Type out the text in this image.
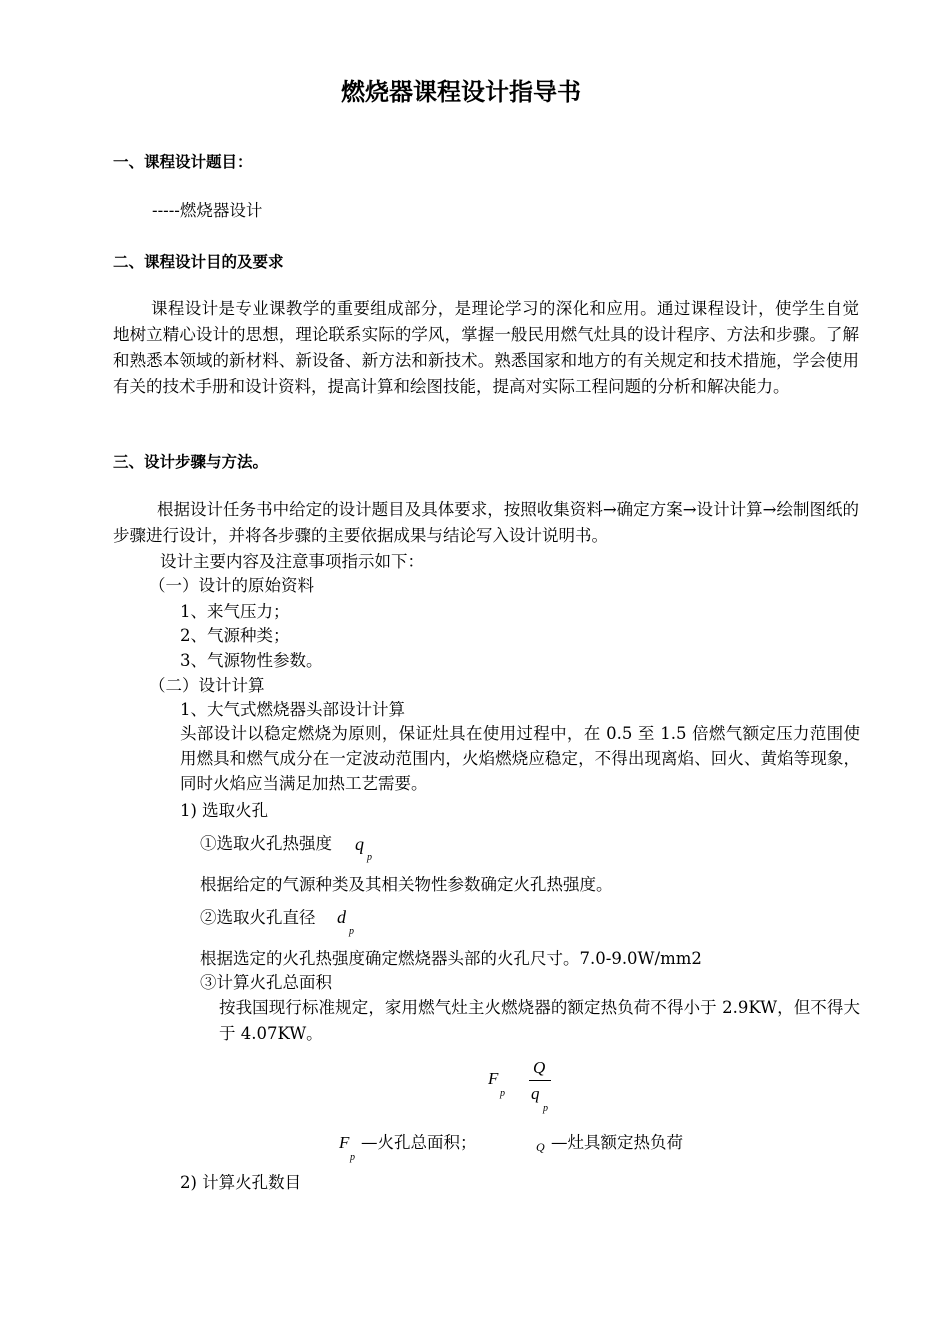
燃烧器课程设计指导书
一、课程设计题目：
-----燃烧器设计
二、课程设计目的及要求
课程设计是专业课教学的重要组成部分，是理论学习的深化和应用。通过课程设计，使学生自觉地树立精心设计的思想，理论联系实际的学风，掌握一般民用燃气灶具的设计程序、方法和步骤。了解和熟悉本领域的新材料、新设备、新方法和新技术。熟悉国家和地方的有关规定和技术措施，学会使用有关的技术手册和设计资料，提高计算和绘图技能，提高对实际工程问题的分析和解决能力。
三、设计步骤与方法。
根据设计任务书中给定的设计题目及具体要求，按照收集资料→确定方案→设计计算→绘制图纸的步骤进行设计，并将各步骤的主要依据成果与结论写入设计说明书。
设计主要内容及注意事项指示如下：
（一）设计的原始资料
1、来气压力；
2、气源种类；
3、气源物性参数。
（二）设计计算
1、大气式燃烧器头部设计计算
头部设计以稳定燃烧为原则，保证灶具在使用过程中，在 0.5 至 1.5 倍燃气额定压力范围使用燃具和燃气成分在一定波动范围内，火焰燃烧应稳定，不得出现离焰、回火、黄焰等现象，同时火焰应当满足加热工艺需要。
1) 选取火孔
①选取火孔热强度 q
p
根据给定的气源种类及其相关物性参数确定火孔热强度。
②选取火孔直径 d
p
根据选定的火孔热强度确定燃烧器头部的火孔尺寸。7.0-9.0W/mm2
③计算火孔总面积
按我国现行标准规定，家用燃气灶主火燃烧器的额定热负荷不得小于 2.9KW，但不得大于 4.07KW。
F
p
Q
q
p
F
p
—火孔总面积；	Q —灶具额定热负荷
2) 计算火孔数目
